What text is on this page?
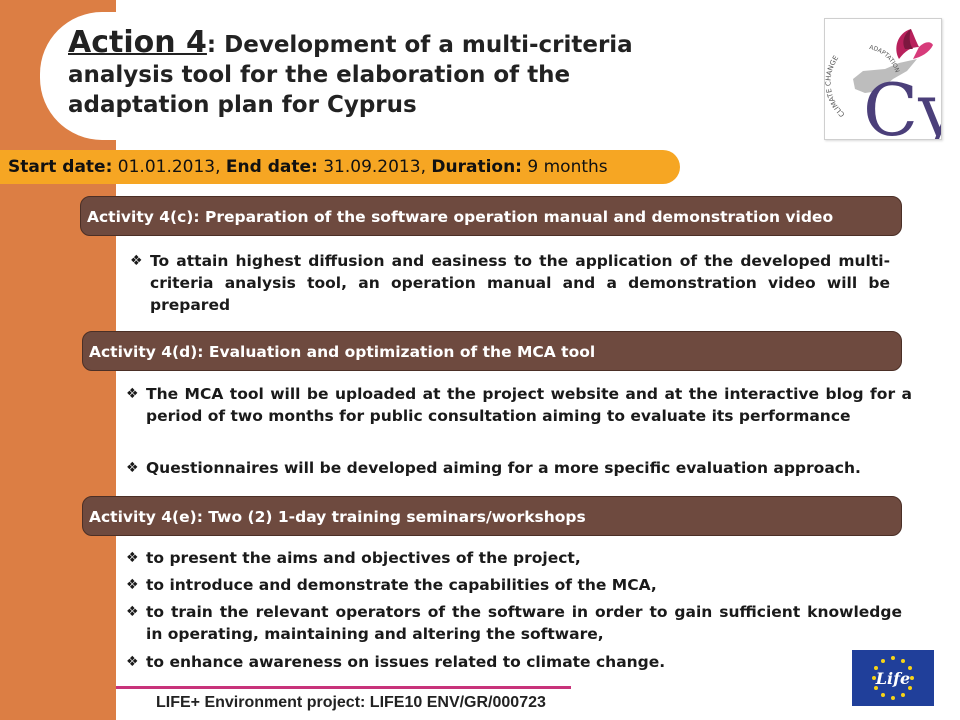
Action 4: Development of a multi-criteria analysis tool for the elaboration of the adaptation plan for Cyprus	CLIMATE CHANGE
ADAPTATION
Cy
Start date: 01.01.2013, End date: 31.09.2013, Duration: 9 months
Activity 4(c): Preparation of the software operation manual and demonstration video
❖ To attain highest diffusion and easiness to the application of the developed multi-criteria analysis tool, an operation manual and a demonstration video will be prepared
Activity 4(d): Evaluation and optimization of the MCA tool
❖ The MCA tool will be uploaded at the project website and at the interactive blog for a period of two months for public consultation aiming to evaluate its performance
❖ Questionnaires will be developed aiming for a more specific evaluation approach.
Activity 4(e): Two (2) 1-day training seminars/workshops
❖ to present the aims and objectives of the project,
❖ to introduce and demonstrate the capabilities of the MCA,
❖ to train the relevant operators of the software in order to gain sufficient knowledge in operating, maintaining and altering the software,
❖ to enhance awareness on issues related to climate change.
LIFE+ Environment project: LIFE10 ENV/GR/000723
Life
